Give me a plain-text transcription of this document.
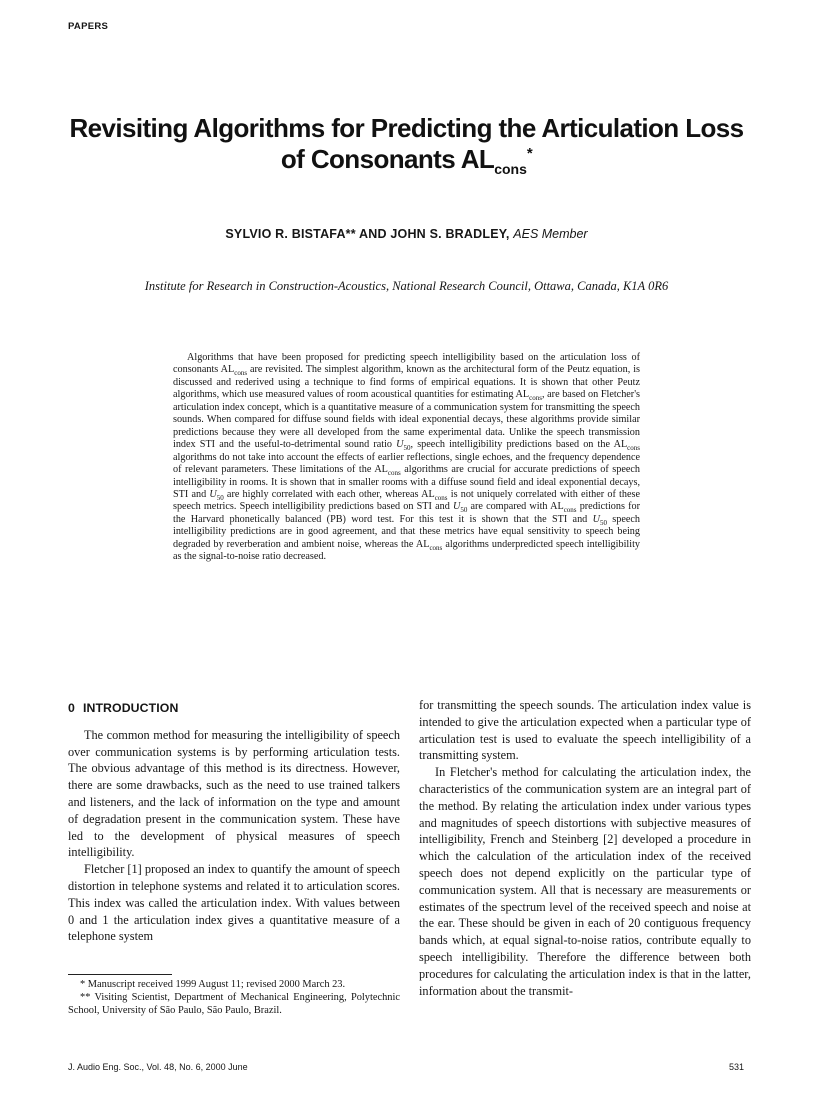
PAPERS
Revisiting Algorithms for Predicting the Articulation Loss
of Consonants $AL_{cons}^*$
SYLVIO R. BISTAFA** AND JOHN S. BRADLEY, AES Member
Institute for Research in Construction-Acoustics, National Research Council, Ottawa, Canada, K1A 0R6
Algorithms that have been proposed for predicting speech intelligibility based on the articulation loss of consonants $AL_{cons}$ are revisited. The simplest algorithm, known as the architectural form of the Peutz equation, is discussed and rederived using a technique to find forms of empirical equations. It is shown that other Peutz algorithms, which use measured values of room acoustical quantities for estimating $AL_{cons}$, are based on Fletcher's articulation index concept, which is a quantitative measure of a communication system for transmitting the speech sounds. When compared for diffuse sound fields with ideal exponential decays, these algorithms provide similar predictions because they were all developed from the same experimental data. Unlike the speech transmission index STI and the useful-to-detrimental sound ratio $U_{50}$, speech intelligibility predictions based on the $AL_{cons}$ algorithms do not take into account the effects of earlier reflections, single echoes, and the frequency dependence of relevant parameters. These limitations of the $AL_{cons}$ algorithms are crucial for accurate predictions of speech intelligibility in rooms. It is shown that in smaller rooms with a diffuse sound field and ideal exponential decays, STI and $U_{50}$ are highly correlated with each other, whereas $AL_{cons}$ is not uniquely correlated with either of these speech metrics. Speech intelligibility predictions based on STI and $U_{50}$ are compared with $AL_{cons}$ predictions for the Harvard phonetically balanced (PB) word test. For this test it is shown that the STI and $U_{50}$ speech intelligibility predictions are in good agreement, and that these metrics have equal sensitivity to speech being degraded by reverberation and ambient noise, whereas the $AL_{cons}$ algorithms underpredicted speech intelligibility as the signal-to-noise ratio decreased.
0 INTRODUCTION

The common method for measuring the intelligibility of speech over communication systems is by performing articulation tests. The obvious advantage of this method is its directness. However, there are some drawbacks, such as the need to use trained talkers and listeners, and the lack of information on the type and amount of degradation present in the communication system. These have led to the development of physical measures of speech intelligibility.

Fletcher [1] proposed an index to quantify the amount of speech distortion in telephone systems and related it to articulation scores. This index was called the articulation index. With values between 0 and 1 the articulation index gives a quantitative measure of a telephone system

for transmitting the speech sounds. The articulation index value is intended to give the articulation expected when a particular type of articulation test is used to evaluate the speech intelligibility of a transmitting system.

In Fletcher's method for calculating the articulation index, the characteristics of the communication system are an integral part of the method. By relating the articulation index under various types and magnitudes of speech distortions with subjective measures of intelligibility, French and Steinberg [2] developed a procedure in which the calculation of the articulation index of the received speech does not depend explicitly on the particular type of communication system. All that is necessary are measurements or estimates of the spectrum level of the received speech and noise at the ear. These should be given in each of 20 contiguous frequency bands which, at equal signal-to-noise ratios, contribute equally to speech intelligibility. Therefore the difference between both procedures for calculating the articulation index is that in the latter, information about the transmit-

* Manuscript received 1999 August 11; revised 2000 March 23.

** Visiting Scientist, Department of Mechanical Engineering, Polytechnic School, University of São Paulo, São Paulo, Brazil.

J. Audio Eng. Soc., Vol. 48, No. 6, 2000 June	531
